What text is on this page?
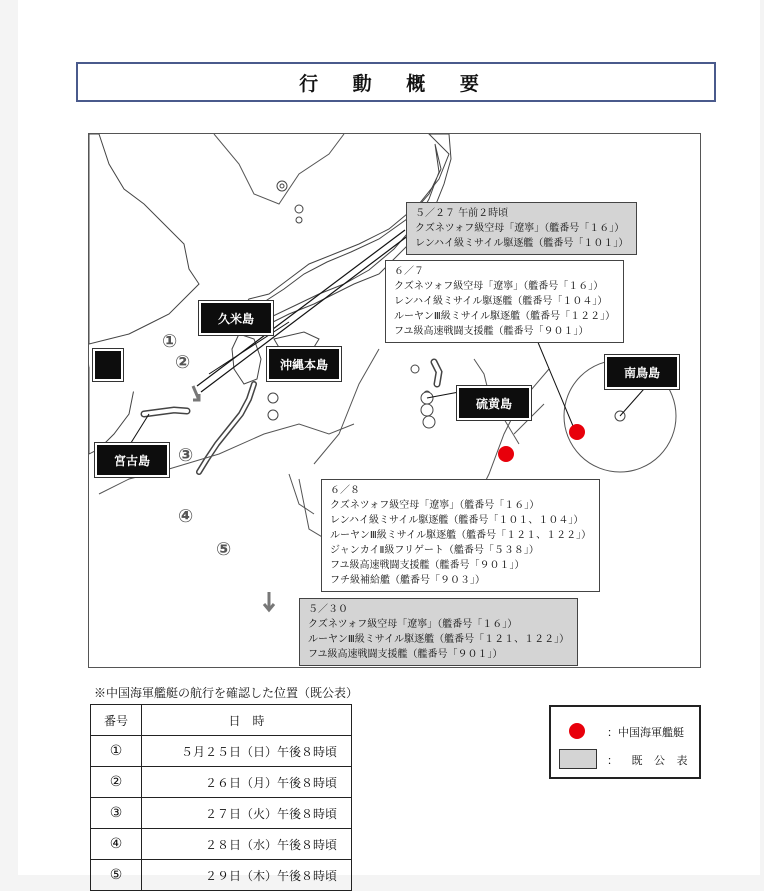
行 動 概 要
①
②
③
④
⑤
久米島
沖縄本島
宮古島
硫黄島
南鳥島
５／２７ 午前２時頃
クズネツォフ級空母「遼寧」（艦番号「１６」）
レンハイ級ミサイル駆逐艦（艦番号「１０１」）
６／７
クズネツォフ級空母「遼寧」（艦番号「１６」）
レンハイ級ミサイル駆逐艦（艦番号「１０４」）
ルーヤンⅢ級ミサイル駆逐艦（艦番号「１２２」）
フユ級高速戦闘支援艦（艦番号「９０１」）
６／８
クズネツォフ級空母「遼寧」（艦番号「１６」）
レンハイ級ミサイル駆逐艦（艦番号「１０１、１０４」）
ルーヤンⅢ級ミサイル駆逐艦（艦番号「１２１、１２２」）
ジャンカイⅡ級フリゲート（艦番号「５３８」）
フユ級高速戦闘支援艦（艦番号「９０１」）
フチ級補給艦（艦番号「９０３」）
５／３０
クズネツォフ級空母「遼寧」（艦番号「１６」）
ルーヤンⅢ級ミサイル駆逐艦（艦番号「１２１、１２２」）
フユ級高速戦闘支援艦（艦番号「９０１」）
※中国海軍艦艇の航行を確認した位置（既公表）
番号	日　時
①	５月２５日（日）午後８時頃
②	２６日（月）午後８時頃
③	２７日（火）午後８時頃
④	２８日（水）午後８時頃
⑤	２９日（木）午後８時頃
：中国海軍艦艇
：　既 公 表
